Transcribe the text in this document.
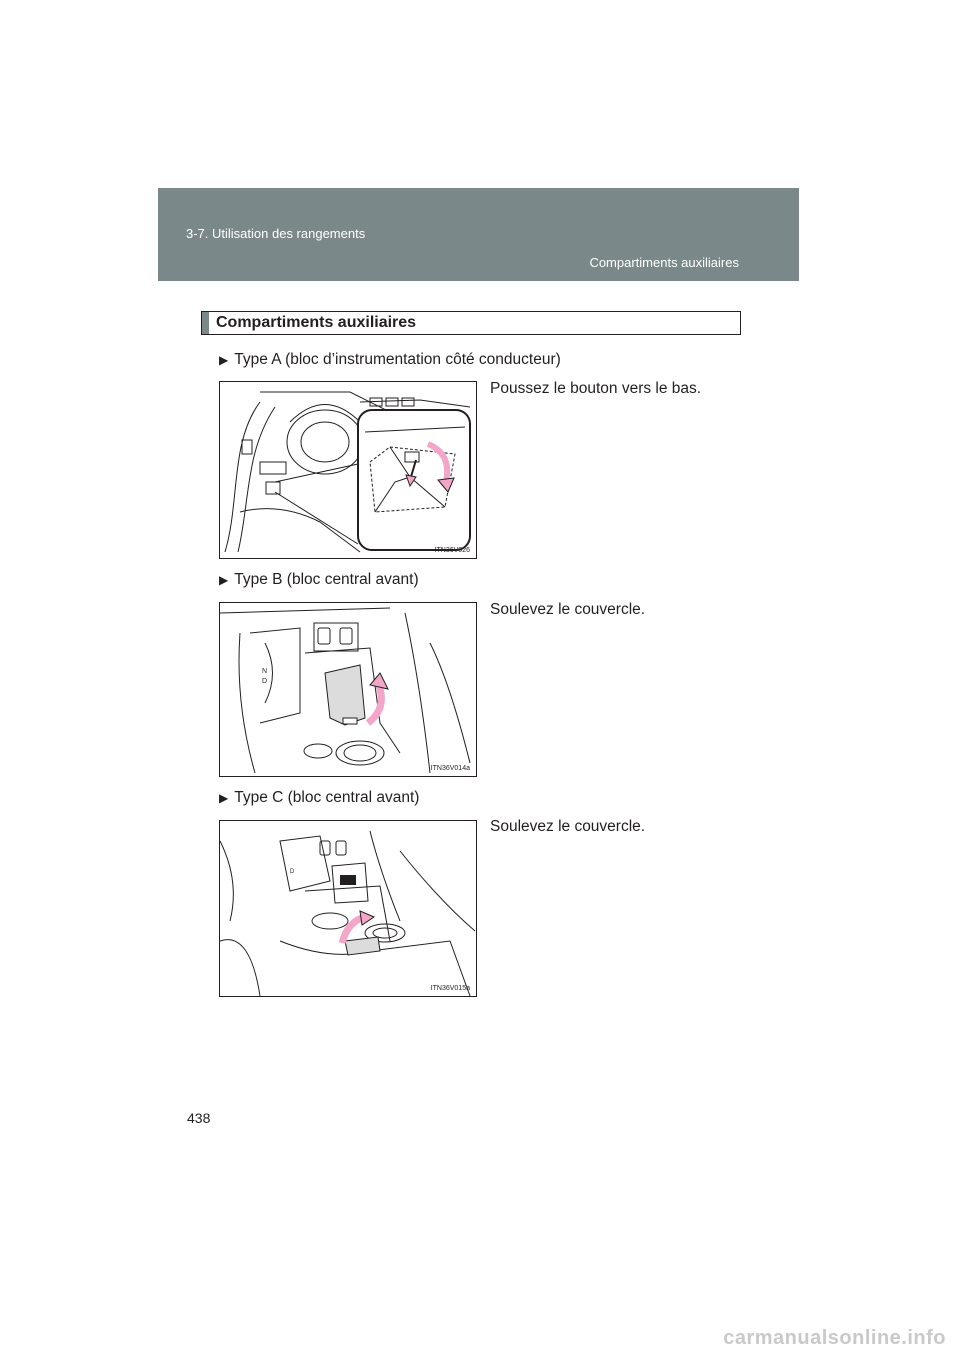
3-7. Utilisation des rangements
Compartiments auxiliaires
Compartiments auxiliaires
▶ Type A (bloc d’instrumentation côté conducteur)
Poussez le bouton vers le bas.
ITN36V026
▶ Type B (bloc central avant)
Soulevez le couvercle.
N
D
ITN36V014a
▶ Type C (bloc central avant)
Soulevez le couvercle.
D
ITN36V015a
438
carmanualsonline.info
